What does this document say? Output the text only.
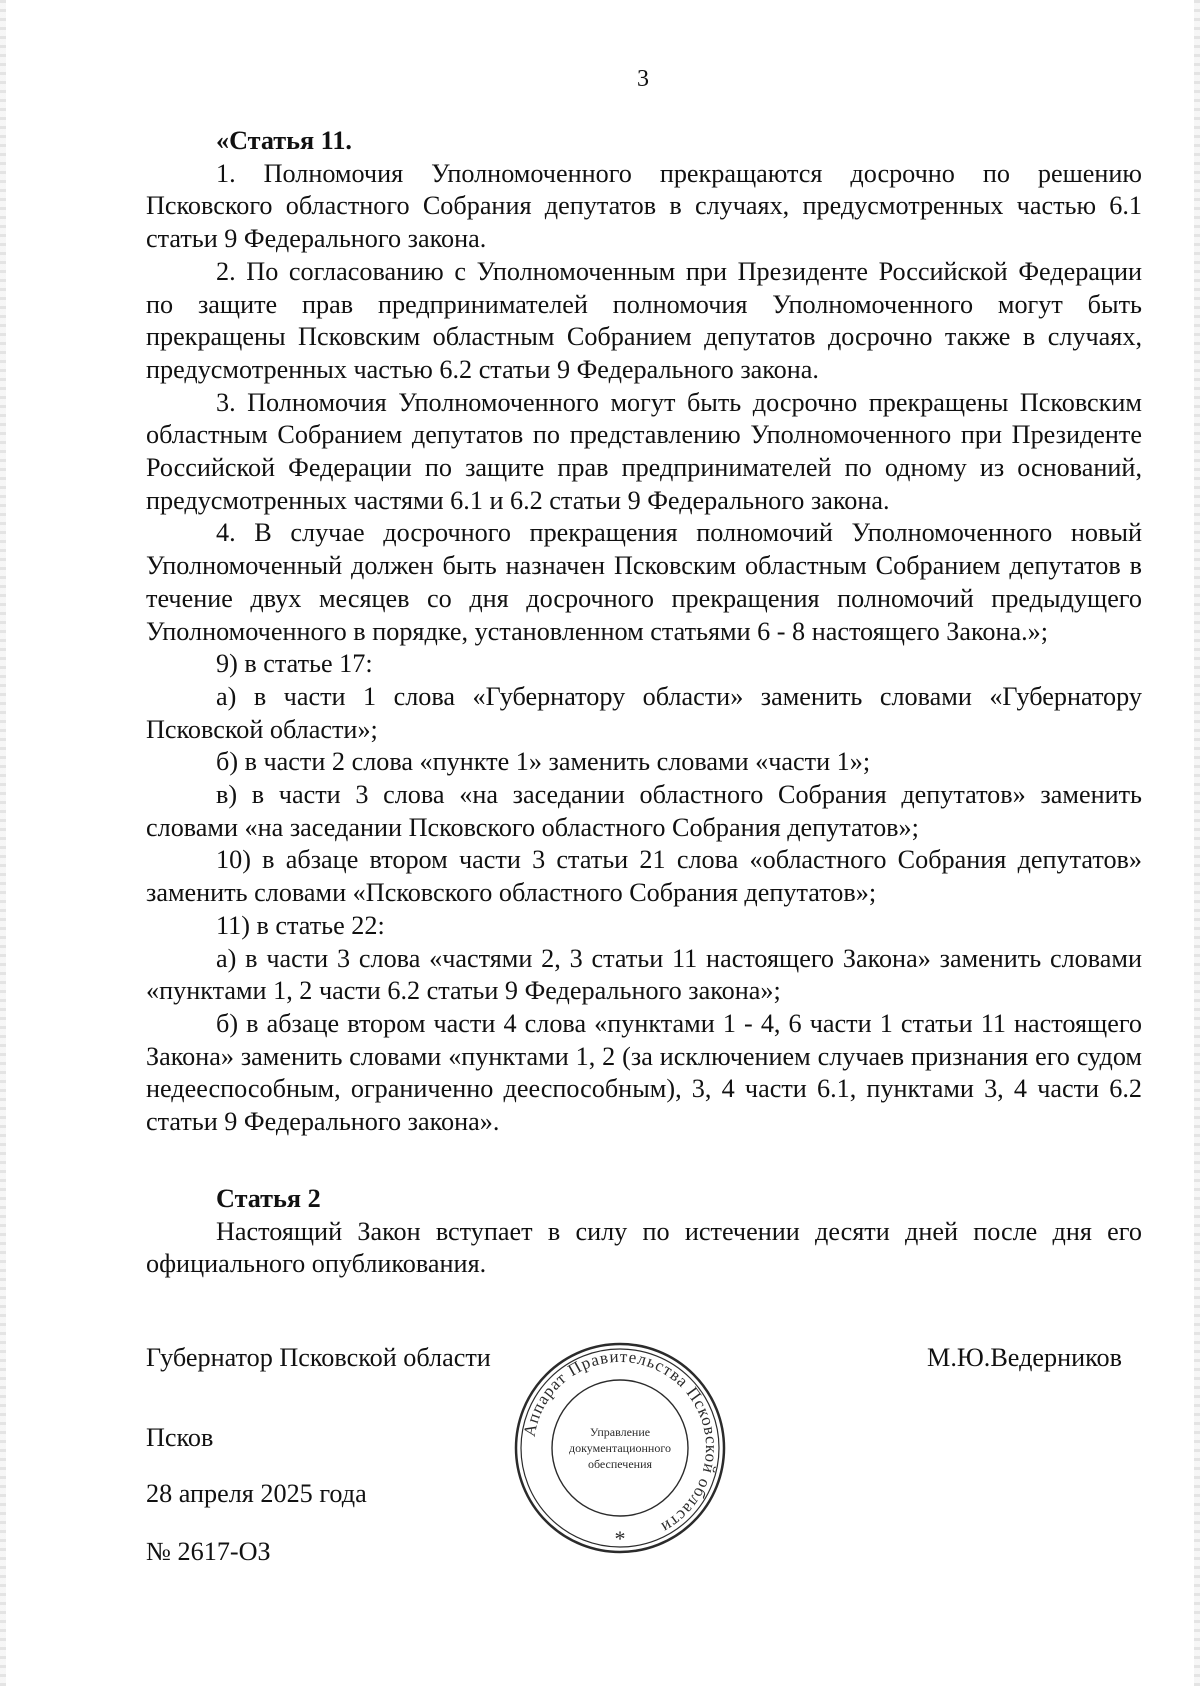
3

«Статья 11.

1. Полномочия Уполномоченного прекращаются досрочно по решению Псковского областного Собрания депутатов в случаях, предусмотренных частью 6.1 статьи 9 Федерального закона.

2. По согласованию с Уполномоченным при Президенте Российской Федерации по защите прав предпринимателей полномочия Уполномоченного могут быть прекращены Псковским областным Собранием депутатов досрочно также в случаях, предусмотренных частью 6.2 статьи 9 Федерального закона.

3. Полномочия Уполномоченного могут быть досрочно прекращены Псковским областным Собранием депутатов по представлению Уполномоченного при Президенте Российской Федерации по защите прав предпринимателей по одному из оснований, предусмотренных частями 6.1 и 6.2 статьи 9 Федерального закона.

4. В случае досрочного прекращения полномочий Уполномоченного новый Уполномоченный должен быть назначен Псковским областным Собранием депутатов в течение двух месяцев со дня досрочного прекращения полномочий предыдущего Уполномоченного в порядке, установленном статьями 6 - 8 настоящего Закона.»;

9) в статье 17:

а) в части 1 слова «Губернатору области» заменить словами «Губернатору Псковской области»;

б) в части 2 слова «пункте 1» заменить словами «части 1»;

в) в части 3 слова «на заседании областного Собрания депутатов» заменить словами «на заседании Псковского областного Собрания депутатов»;

10) в абзаце втором части 3 статьи 21 слова «областного Собрания депутатов» заменить словами «Псковского областного Собрания депутатов»;

11) в статье 22:

а) в части 3 слова «частями 2, 3 статьи 11 настоящего Закона» заменить словами «пунктами 1, 2 части 6.2 статьи 9 Федерального закона»;

б) в абзаце втором части 4 слова «пунктами 1 - 4, 6 части 1 статьи 11 настоящего Закона» заменить словами «пунктами 1, 2 (за исключением случаев признания его судом недееспособным, ограниченно дееспособным), 3, 4 части 6.1, пунктами 3, 4 части 6.2 статьи 9 Федерального закона».

Статья 2

Настоящий Закон вступает в силу по истечении десяти дней после дня его официального опубликования.

Губернатор Псковской области	М.Ю.Ведерников
Псков
28 апреля 2025 года
№ 2617-ОЗ
Аппарат Правительства Псковской области
Управление
документационного
обеспечения
*
